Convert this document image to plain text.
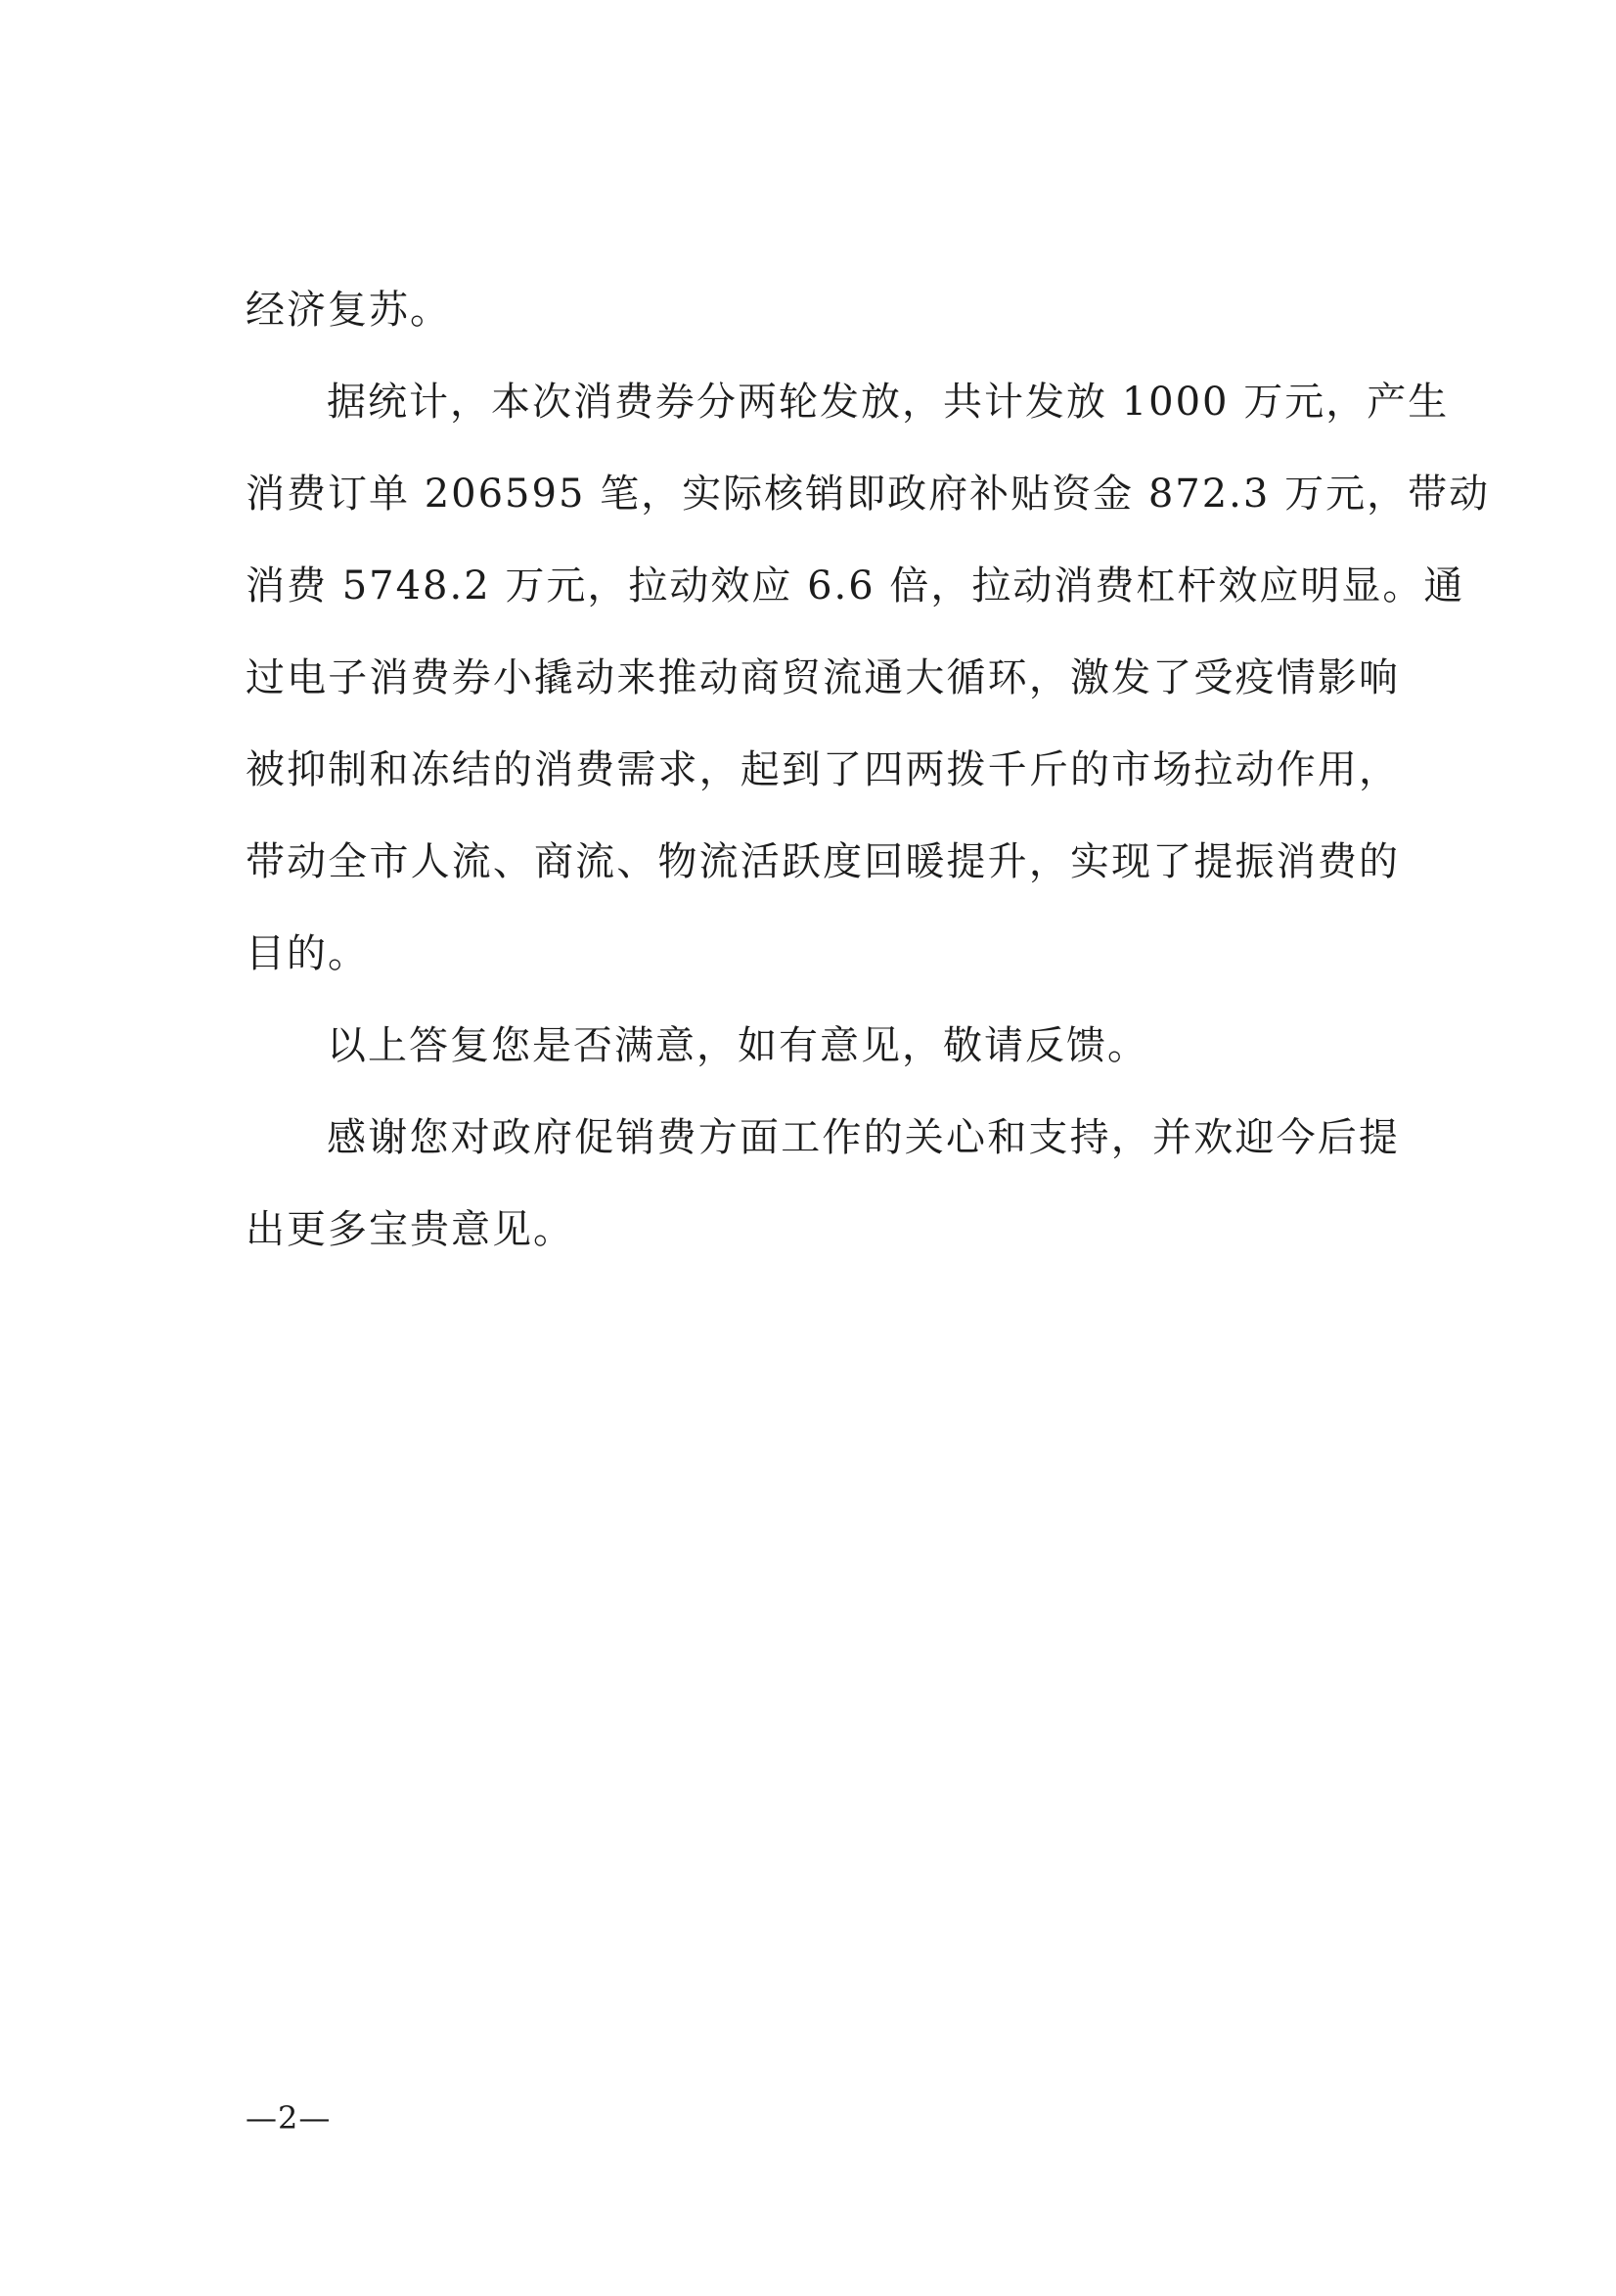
经济复苏。
据统计，本次消费券分两轮发放，共计发放 1000 万元，产生
消费订单 206595 笔，实际核销即政府补贴资金 872.3 万元，带动
消费 5748.2 万元，拉动效应 6.6 倍，拉动消费杠杆效应明显。通
过电子消费券小撬动来推动商贸流通大循环，激发了受疫情影响
被抑制和冻结的消费需求，起到了四两拨千斤的市场拉动作用，
带动全市人流、商流、物流活跃度回暖提升，实现了提振消费的
目的。
以上答复您是否满意，如有意见，敬请反馈。
感谢您对政府促销费方面工作的关心和支持，并欢迎今后提
出更多宝贵意见。
—2—
